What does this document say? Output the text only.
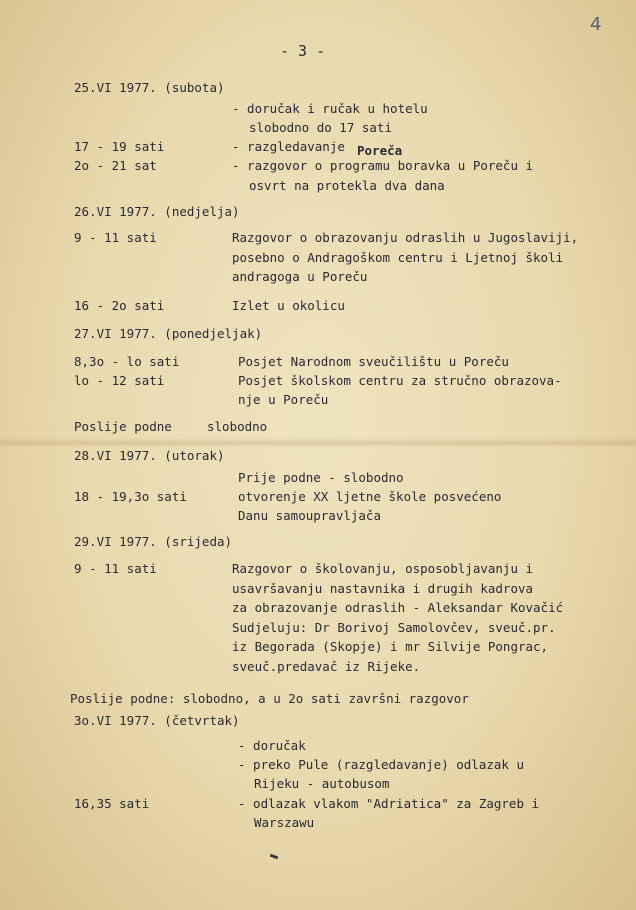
4
- 3 -
25.VI 1977. (subota)
- doručak i ručak u hotelu
slobodno do 17 sati
17 - 19 sati	- razgledavanje Poreča
2o - 21 sat	- razgovor o programu boravka u Poreču i
osvrt na protekla dva dana
26.VI 1977. (nedjelja)
9 - 11 sati	Razgovor o obrazovanju odraslih u Jugoslaviji,
posebno o Andragoškom centru i Ljetnoj školi
andragoga u Poreču
16 - 2o sati	Izlet u okolicu
27.VI 1977. (ponedjeljak)
8,3o - lo sati	Posjet Narodnom sveučilištu u Poreču
lo - 12 sati	Posjet školskom centru za stručno obrazova-
nje u Poreču
Poslije podne	slobodno
28.VI 1977. (utorak)
Prije podne - slobodno
18 - 19,3o sati	otvorenje XX ljetne škole posvećeno
Danu samoupravljača
29.VI 1977. (srijeda)
9 - 11 sati	Razgovor o školovanju, osposobljavanju i
usavršavanju nastavnika i drugih kadrova
za obrazovanje odraslih - Aleksandar Kovačić
Sudjeluju: Dr Borivoj Samolovčev, sveuč.pr.
iz Begorada (Skopje) i mr Silvije Pongrac,
sveuč.predavač iz Rijeke.
Poslije podne: slobodno, a u 2o sati završni razgovor
3o.VI 1977. (četvrtak)
- doručak
- preko Pule (razgledavanje) odlazak u
Rijeku - autobusom
16,35 sati	- odlazak vlakom "Adriatica" za Zagreb i
Warszawu
